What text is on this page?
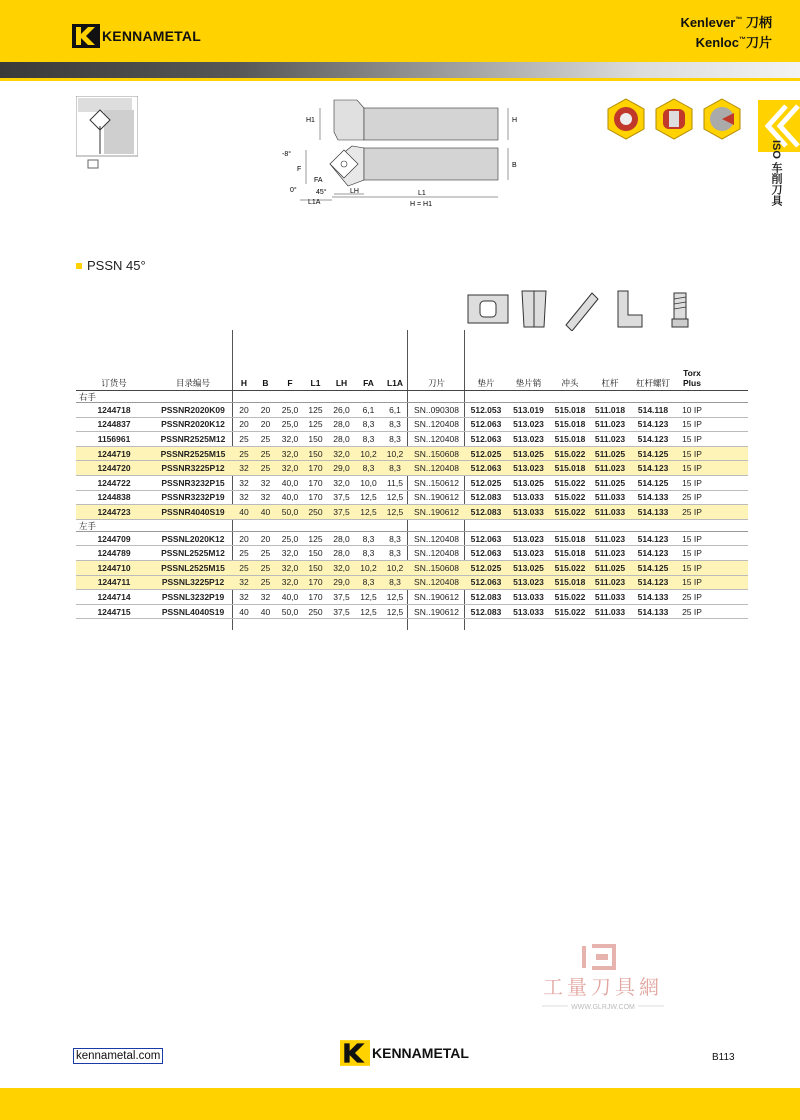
KENNAMETAL
Kenlever™ 刀柄
Kenloc™刀片
ISO 车削刀具
H1	H
B
F
-8°
FA
45°
0°	LH
L1A
L1
H = H1
PSSN 45°
订货号	目录编号	H	B	F	L1	LH	FA	L1A	刀片	垫片	垫片销	冲头	杠杆	杠杆螺钉
Torx
Plus
右手
1244718	PSSNR2020K09	20	20	25,0	125	26,0	6,1	6,1	SN..090308	512.053	513.019	515.018	511.018	514.118	10 IP
1244837	PSSNR2020K12	20	20	25,0	125	28,0	8,3	8,3	SN..120408	512.063	513.023	515.018	511.023	514.123	15 IP
1156961	PSSNR2525M12	25	25	32,0	150	28,0	8,3	8,3	SN..120408	512.063	513.023	515.018	511.023	514.123	15 IP
1244719	PSSNR2525M15	25	25	32,0	150	32,0	10,2	10,2	SN..150608	512.025	513.025	515.022	511.025	514.125	15 IP
1244720	PSSNR3225P12	32	25	32,0	170	29,0	8,3	8,3	SN..120408	512.063	513.023	515.018	511.023	514.123	15 IP
1244722	PSSNR3232P15	32	32	40,0	170	32,0	10,0	11,5	SN..150612	512.025	513.025	515.022	511.025	514.125	15 IP
1244838	PSSNR3232P19	32	32	40,0	170	37,5	12,5	12,5	SN..190612	512.083	513.033	515.022	511.033	514.133	25 IP
1244723	PSSNR4040S19	40	40	50,0	250	37,5	12,5	12,5	SN..190612	512.083	513.033	515.022	511.033	514.133	25 IP
左手
1244709	PSSNL2020K12	20	20	25,0	125	28,0	8,3	8,3	SN..120408	512.063	513.023	515.018	511.023	514.123	15 IP
1244789	PSSNL2525M12	25	25	32,0	150	28,0	8,3	8,3	SN..120408	512.063	513.023	515.018	511.023	514.123	15 IP
1244710	PSSNL2525M15	25	25	32,0	150	32,0	10,2	10,2	SN..150608	512.025	513.025	515.022	511.025	514.125	15 IP
1244711	PSSNL3225P12	32	25	32,0	170	29,0	8,3	8,3	SN..120408	512.063	513.023	515.018	511.023	514.123	15 IP
1244714	PSSNL3232P19	32	32	40,0	170	37,5	12,5	12,5	SN..190612	512.083	513.033	515.022	511.033	514.133	25 IP
1244715	PSSNL4040S19	40	40	50,0	250	37,5	12,5	12,5	SN..190612	512.083	513.033	515.022	511.033	514.133	25 IP
工量刀具網
WWW.GLRJW.COM
kennametal.com	KENNAMETAL	B113
